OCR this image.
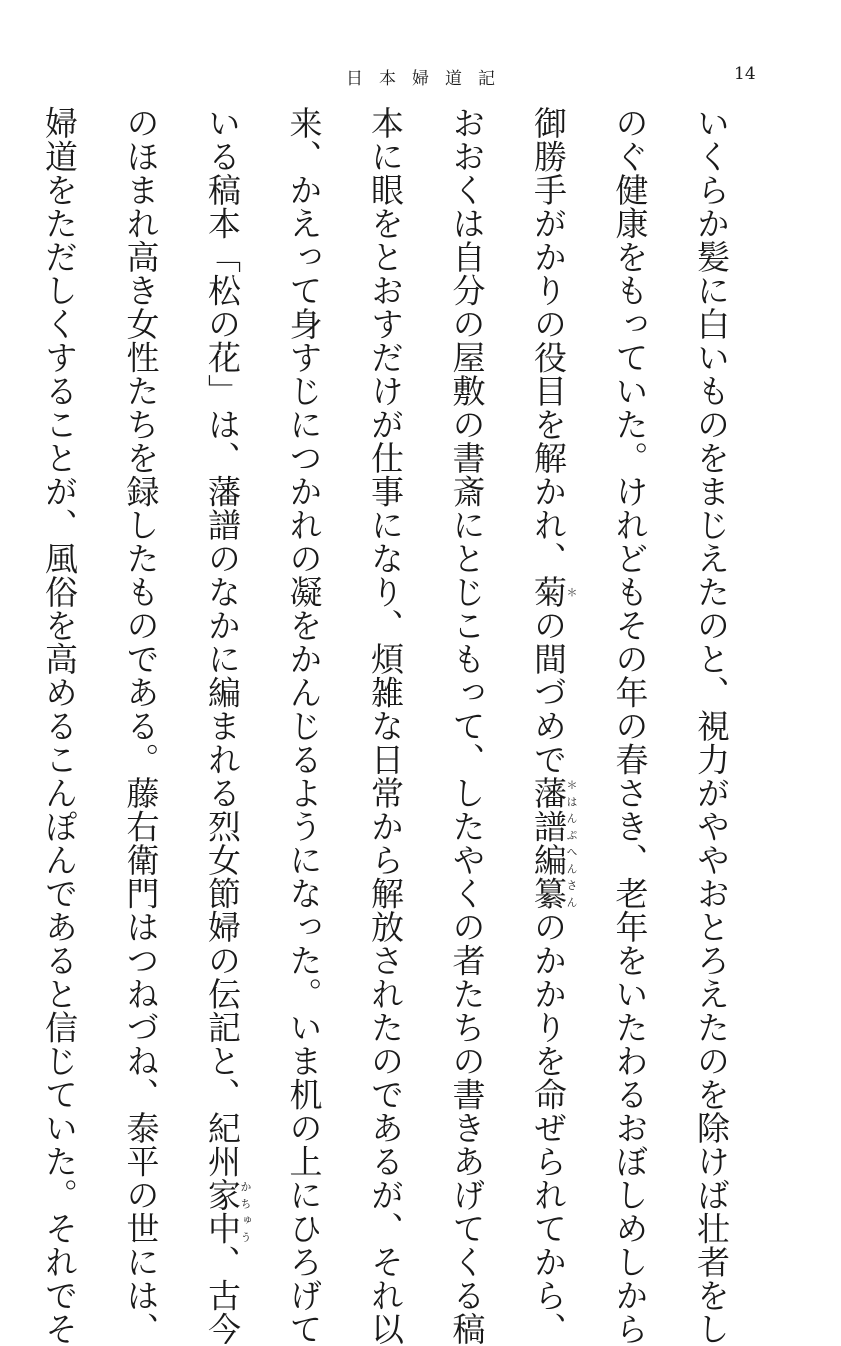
日本婦道記	14
いくらか髪に白いものをまじえたのと、視力がややおとろえたのを除けば壮者をし
のぐ健康をもっていた。けれどもその年の春さき、老年をいたわるおぼしめしから
御勝手がかりの役目を解かれ、菊＊の間づめで藩譜＊はんぷ編纂へんさんのかかりを命ぜられてから、
おおくは自分の屋敷の書斎にとじこもって、したやくの者たちの書きあげてくる稿
本に眼をとおすだけが仕事になり、煩雑な日常から解放されたのであるが、それ以
来、かえって身すじにつかれの凝をかんじるようになった。いま机の上にひろげて
いる稿本「松の花」は、藩譜のなかに編まれる烈女節婦の伝記と、紀州家中かちゅう、古今
のほまれ高き女性たちを録したものである。藤右衛門はつねづね、泰平の世には、
婦道をただしくすることが、風俗を高めるこんぽんであると信じていた。それでそ
